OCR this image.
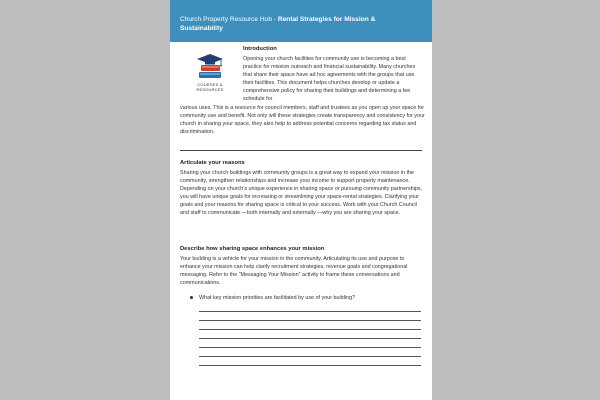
Church Property Resource Hub - Rental Strategies for Mission & Sustainability
COURSES &
RESOURCES
Introduction
Opening your church facilities for community use is becoming a best practice for mission outreach and financial sustainability. Many churches that share their space have ad hoc agreements with the groups that use their facilities. This document helps churches develop or update a comprehensive policy for sharing their buildings and determining a fee schedule for
various uses. This is a resource for council members, staff and trustees as you open up your space for community use and benefit. Not only will these strategies create transparency and consistency for your church in sharing your space, they also help to address potential concerns regarding tax status and discrimination.
Articulate your reasons
Sharing your church buildings with community groups is a great way to expand your mission in the community, strengthen relationships and increase your income to support property maintenance. Depending on your church’s unique experience in sharing space or pursuing community partnerships, you will have unique goals for increasing or streamlining your space-rental strategies. Clarifying your goals and your reasons for sharing space is critical to your success. Work with your Church Council and staff to communicate —both internally and externally —why you are sharing your space.
Describe how sharing space enhances your mission
Your building is a vehicle for your mission in the community. Articulating its use and purpose to enhance your mission can help clarify recruitment strategies, revenue goals and congregational messaging. Refer to the “Messaging Your Mission” activity to frame these conversations and communications.
What key mission priorities are facilitated by use of your building?
